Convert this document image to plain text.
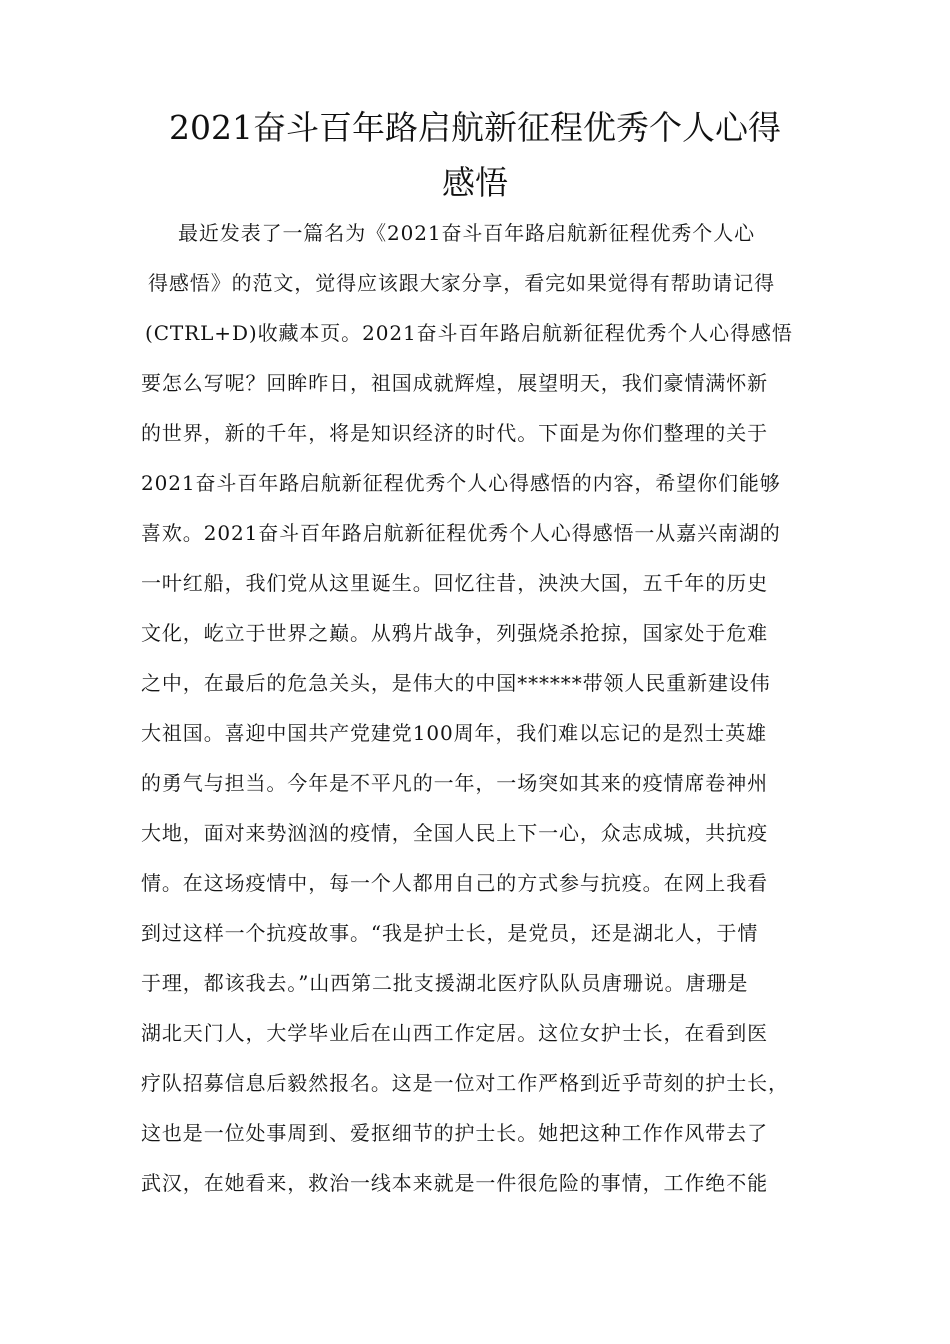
2021奋斗百年路启航新征程优秀个人心得
感悟
最近发表了一篇名为《2021奋斗百年路启航新征程优秀个人心
得感悟》的范文，觉得应该跟大家分享，看完如果觉得有帮助请记得
(CTRL+D)收藏本页。2021奋斗百年路启航新征程优秀个人心得感悟
要怎么写呢？回眸昨日，祖国成就辉煌，展望明天，我们豪情满怀新
的世界，新的千年，将是知识经济的时代。下面是为你们整理的关于
2021奋斗百年路启航新征程优秀个人心得感悟的内容，希望你们能够
喜欢。2021奋斗百年路启航新征程优秀个人心得感悟一从嘉兴南湖的
一叶红船，我们党从这里诞生。回忆往昔，泱泱大国，五千年的历史
文化，屹立于世界之巅。从鸦片战争，列强烧杀抢掠，国家处于危难
之中，在最后的危急关头，是伟大的中国******带领人民重新建设伟
大祖国。喜迎中国共产党建党100周年，我们难以忘记的是烈士英雄
的勇气与担当。今年是不平凡的一年，一场突如其来的疫情席卷神州
大地，面对来势汹汹的疫情，全国人民上下一心，众志成城，共抗疫
情。在这场疫情中，每一个人都用自己的方式参与抗疫。在网上我看
到过这样一个抗疫故事。“我是护士长，是党员，还是湖北人，于情
于理，都该我去。”山西第二批支援湖北医疗队队员唐珊说。唐珊是
湖北天门人，大学毕业后在山西工作定居。这位女护士长，在看到医
疗队招募信息后毅然报名。这是一位对工作严格到近乎苛刻的护士长，
这也是一位处事周到、爱抠细节的护士长。她把这种工作作风带去了
武汉，在她看来，救治一线本来就是一件很危险的事情，工作绝不能
